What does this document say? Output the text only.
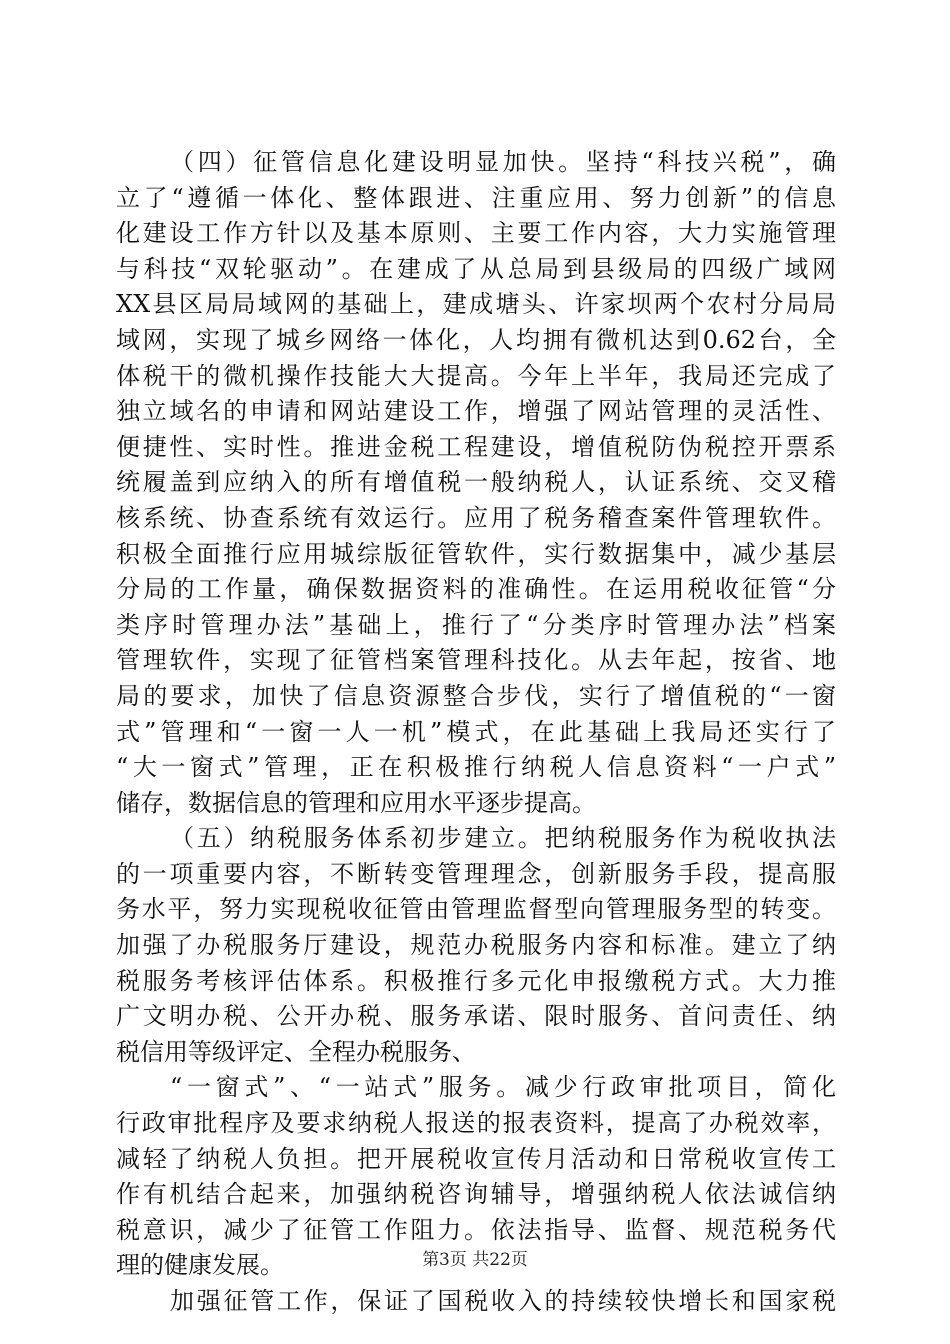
（四）征管信息化建设明显加快。坚持“科技兴税”，确
立了“遵循一体化、整体跟进、注重应用、努力创新”的信息
化建设工作方针以及基本原则、主要工作内容，大力实施管理
与科技“双轮驱动”。在建成了从总局到县级局的四级广域网
XX县区局局域网的基础上，建成塘头、许家坝两个农村分局局
域网，实现了城乡网络一体化，人均拥有微机达到0.62台，全
体税干的微机操作技能大大提高。今年上半年，我局还完成了
独立域名的申请和网站建设工作，增强了网站管理的灵活性、
便捷性、实时性。推进金税工程建设，增值税防伪税控开票系
统履盖到应纳入的所有增值税一般纳税人，认证系统、交叉稽
核系统、协查系统有效运行。应用了税务稽查案件管理软件。
积极全面推行应用城综版征管软件，实行数据集中，减少基层
分局的工作量，确保数据资料的准确性。在运用税收征管“分
类序时管理办法”基础上，推行了“分类序时管理办法”档案
管理软件，实现了征管档案管理科技化。从去年起，按省、地
局的要求，加快了信息资源整合步伐，实行了增值税的“一窗
式”管理和“一窗一人一机”模式，在此基础上我局还实行了
“大一窗式”管理，正在积极推行纳税人信息资料“一户式”
储存，数据信息的管理和应用水平逐步提高。
（五）纳税服务体系初步建立。把纳税服务作为税收执法
的一项重要内容，不断转变管理理念，创新服务手段，提高服
务水平，努力实现税收征管由管理监督型向管理服务型的转变。
加强了办税服务厅建设，规范办税服务内容和标准。建立了纳
税服务考核评估体系。积极推行多元化申报缴税方式。大力推
广文明办税、公开办税、服务承诺、限时服务、首问责任、纳
税信用等级评定、全程办税服务、
“一窗式”、“一站式”服务。减少行政审批项目，简化
行政审批程序及要求纳税人报送的报表资料，提高了办税效率，
减轻了纳税人负担。把开展税收宣传月活动和日常税收宣传工
作有机结合起来，加强纳税咨询辅导，增强纳税人依法诚信纳
税意识，减少了征管工作阻力。依法指导、监督、规范税务代
理的健康发展。
加强征管工作，保证了国税收入的持续较快增长和国家税
第3页 共22页
